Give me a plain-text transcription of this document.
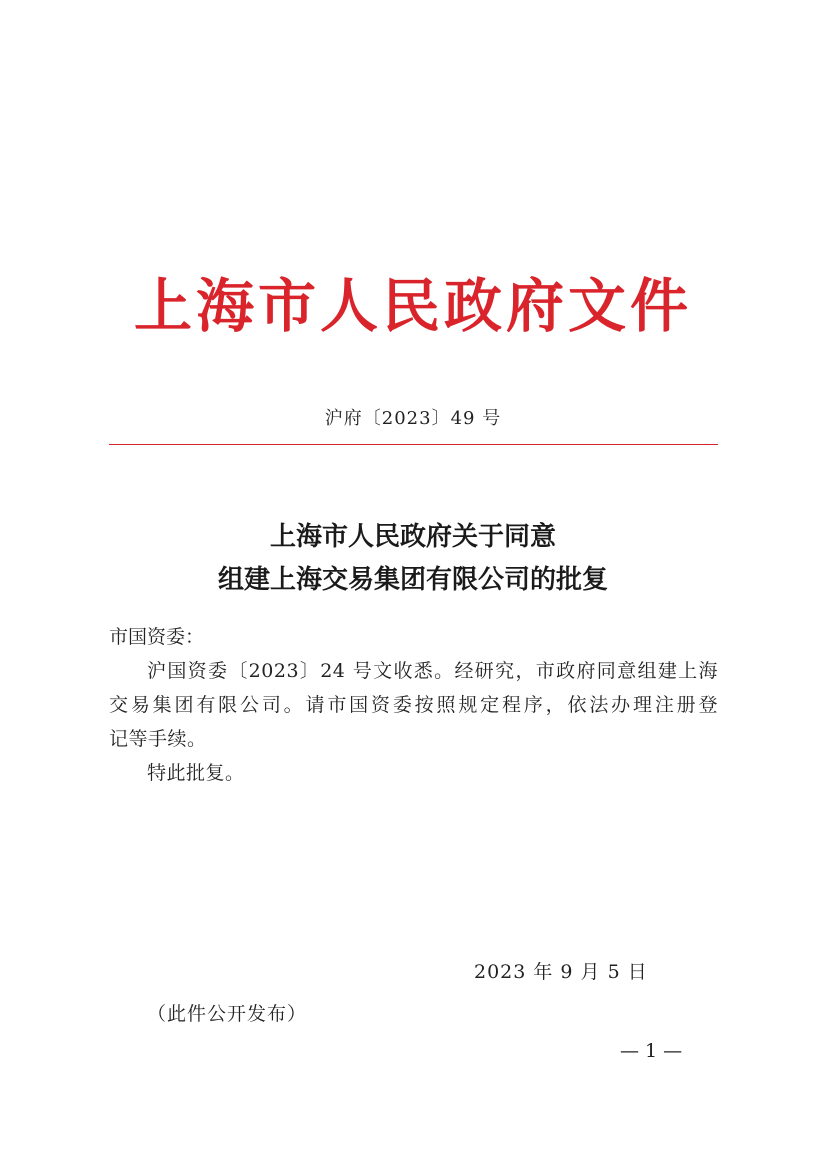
上海市人民政府文件
沪府〔2023〕49 号
上海市人民政府关于同意
组建上海交易集团有限公司的批复
市国资委：
沪国资委〔2023〕24 号文收悉。经研究，市政府同意组建上海
交易集团有限公司。请市国资委按照规定程序，依法办理注册登
记等手续。
特此批复。
2023 年 9 月 5 日
（此件公开发布）
— 1 —
